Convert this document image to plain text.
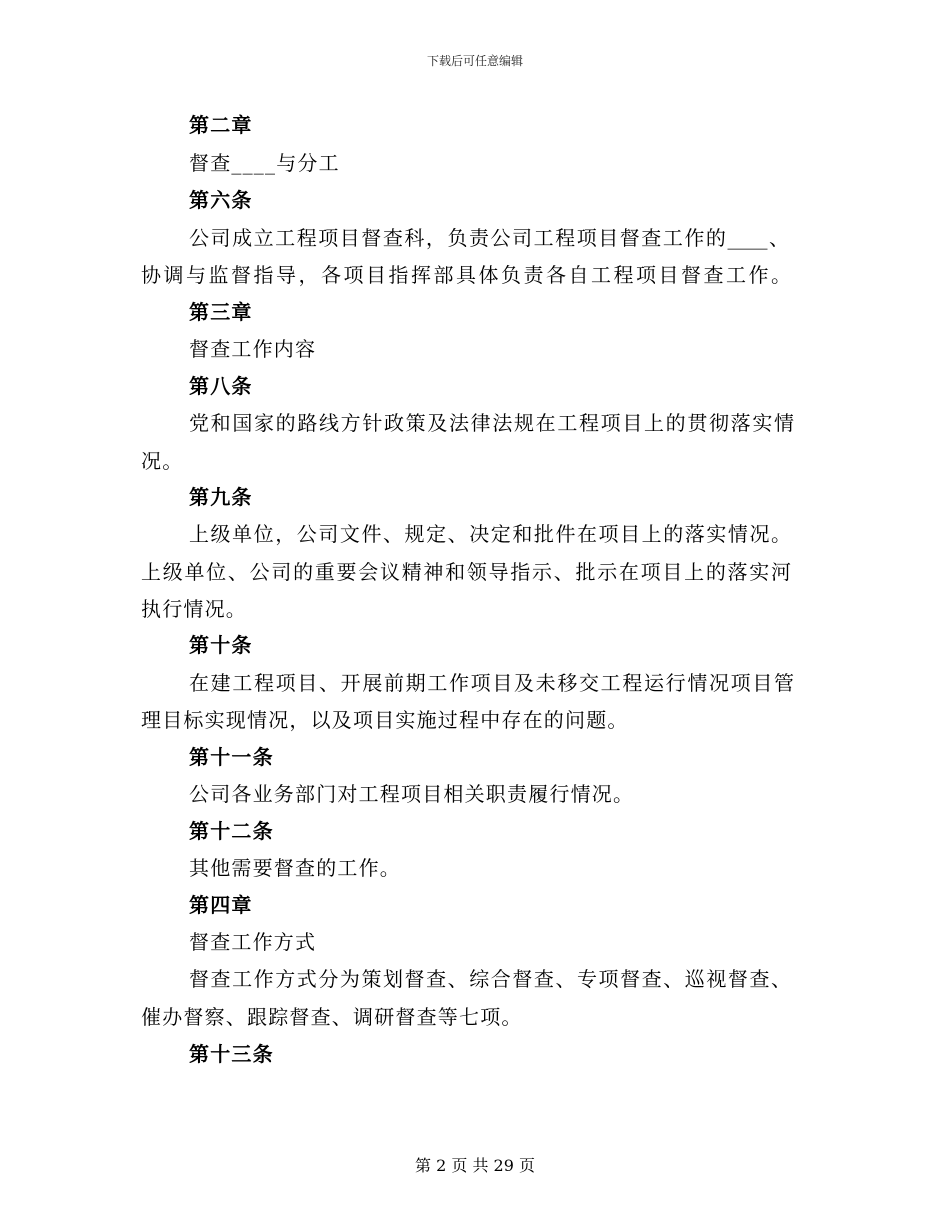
下载后可任意编辑
第二章
督查____与分工
第六条
公司成立工程项目督查科，负责公司工程项目督查工作的____、
协调与监督指导，各项目指挥部具体负责各自工程项目督查工作。
第三章
督查工作内容
第八条
党和国家的路线方针政策及法律法规在工程项目上的贯彻落实情
况。
第九条
上级单位，公司文件、规定、决定和批件在项目上的落实情况。
上级单位、公司的重要会议精神和领导指示、批示在项目上的落实河
执行情况。
第十条
在建工程项目、开展前期工作项目及未移交工程运行情况项目管
理目标实现情况，以及项目实施过程中存在的问题。
第十一条
公司各业务部门对工程项目相关职责履行情况。
第十二条
其他需要督查的工作。
第四章
督查工作方式
督查工作方式分为策划督查、综合督查、专项督查、巡视督查、
催办督察、跟踪督查、调研督查等七项。
第十三条
第 2 页 共 29 页
